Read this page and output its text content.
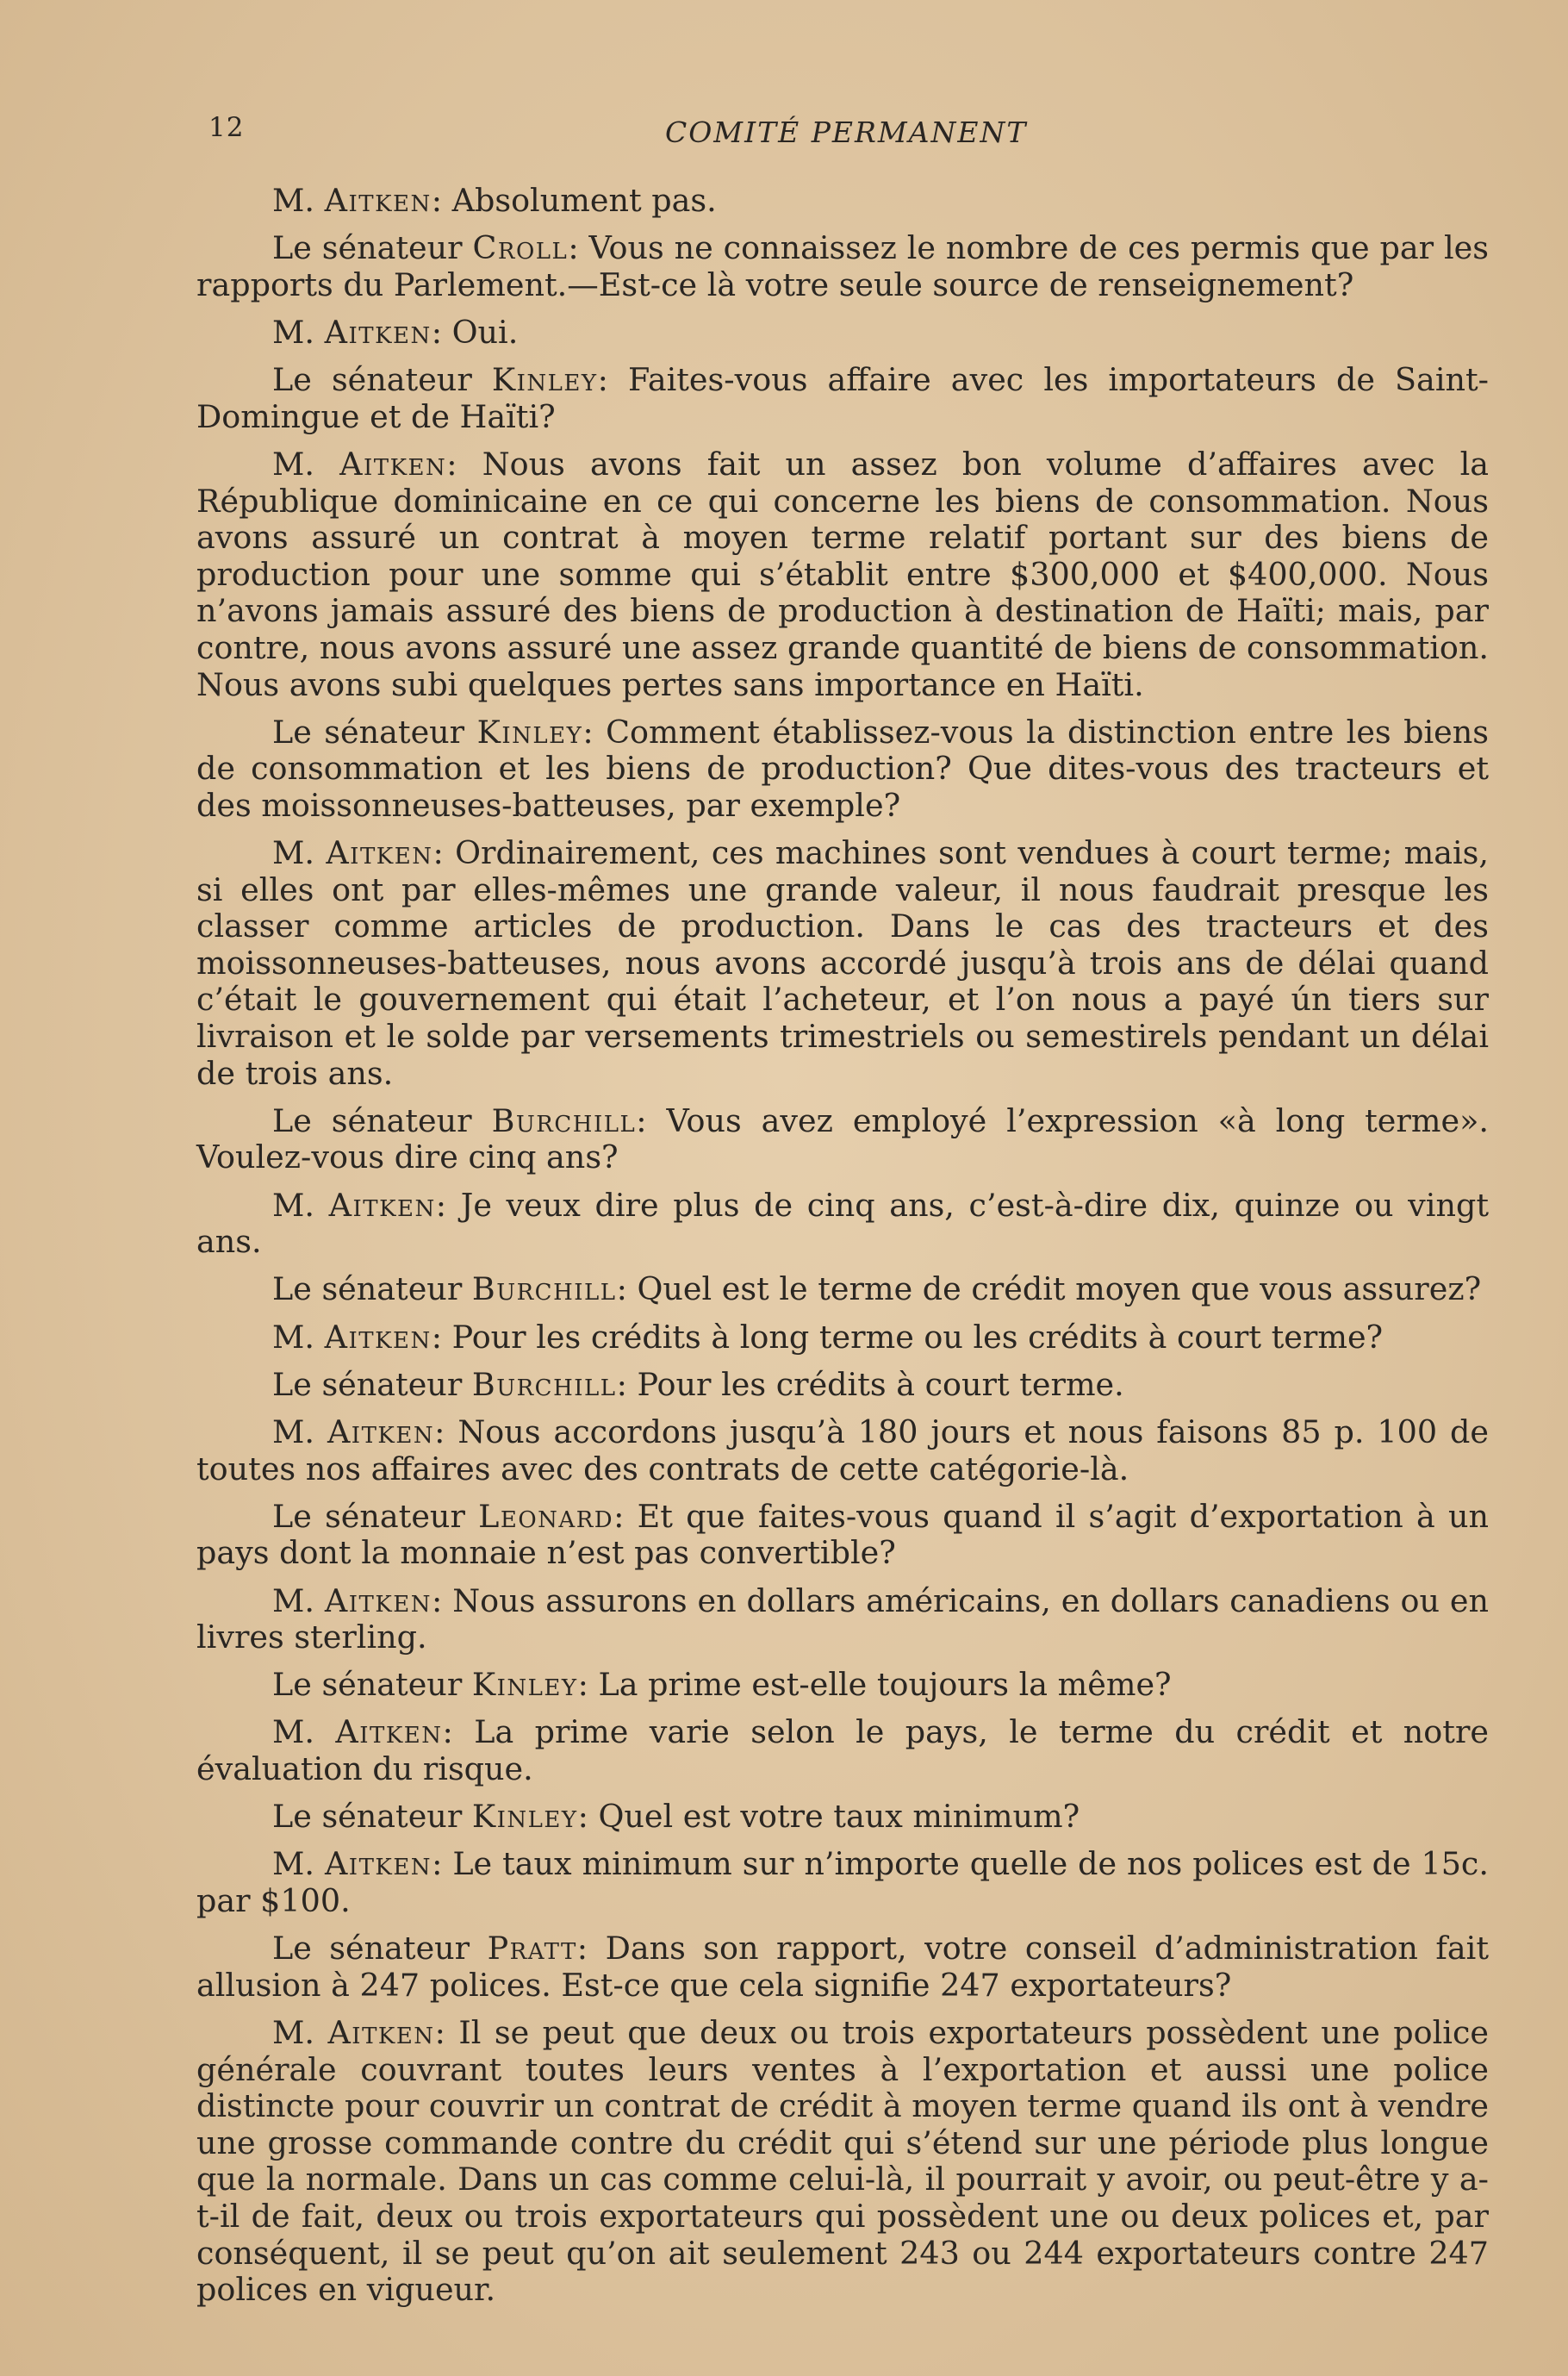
12	COMITÉ PERMANENT

M. Aitken: Absolument pas.

Le sénateur Croll: Vous ne connaissez le nombre de ces permis que par les rapports du Parlement.—Est-ce là votre seule source de renseignement?

M. Aitken: Oui.

Le sénateur Kinley: Faites-vous affaire avec les importateurs de Saint-Domingue et de Haïti?

M. Aitken: Nous avons fait un assez bon volume d’affaires avec la République dominicaine en ce qui concerne les biens de consommation. Nous avons assuré un contrat à moyen terme relatif portant sur des biens de production pour une somme qui s’établit entre $300,000 et $400,000. Nous n’avons jamais assuré des biens de production à destination de Haïti; mais, par contre, nous avons assuré une assez grande quantité de biens de consommation. Nous avons subi quelques pertes sans importance en Haïti.

Le sénateur Kinley: Comment établissez-vous la distinction entre les biens de consommation et les biens de production? Que dites-vous des tracteurs et des moissonneuses-batteuses, par exemple?

M. Aitken: Ordinairement, ces machines sont vendues à court terme; mais, si elles ont par elles-mêmes une grande valeur, il nous faudrait presque les classer comme articles de production. Dans le cas des tracteurs et des moissonneuses-batteuses, nous avons accordé jusqu’à trois ans de délai quand c’était le gouvernement qui était l’acheteur, et l’on nous a payé ún tiers sur livraison et le solde par versements trimestriels ou semestirels pendant un délai de trois ans.

Le sénateur Burchill: Vous avez employé l’expression «à long terme». Voulez-vous dire cinq ans?

M. Aitken: Je veux dire plus de cinq ans, c’est-à-dire dix, quinze ou vingt ans.

Le sénateur Burchill: Quel est le terme de crédit moyen que vous assurez?

M. Aitken: Pour les crédits à long terme ou les crédits à court terme?

Le sénateur Burchill: Pour les crédits à court terme.

M. Aitken: Nous accordons jusqu’à 180 jours et nous faisons 85 p. 100 de toutes nos affaires avec des contrats de cette catégorie-là.

Le sénateur Leonard: Et que faites-vous quand il s’agit d’exportation à un pays dont la monnaie n’est pas convertible?

M. Aitken: Nous assurons en dollars américains, en dollars canadiens ou en livres sterling.

Le sénateur Kinley: La prime est-elle toujours la même?

M. Aitken: La prime varie selon le pays, le terme du crédit et notre évaluation du risque.

Le sénateur Kinley: Quel est votre taux minimum?

M. Aitken: Le taux minimum sur n’importe quelle de nos polices est de 15c. par $100.

Le sénateur Pratt: Dans son rapport, votre conseil d’administration fait allusion à 247 polices. Est-ce que cela signifie 247 exportateurs?

M. Aitken: Il se peut que deux ou trois exportateurs possèdent une police générale couvrant toutes leurs ventes à l’exportation et aussi une police distincte pour couvrir un contrat de crédit à moyen terme quand ils ont à vendre une grosse commande contre du crédit qui s’étend sur une période plus longue que la normale. Dans un cas comme celui-là, il pourrait y avoir, ou peut-être y a-t-il de fait, deux ou trois exportateurs qui possèdent une ou deux polices et, par conséquent, il se peut qu’on ait seulement 243 ou 244 exportateurs contre 247 polices en vigueur.
